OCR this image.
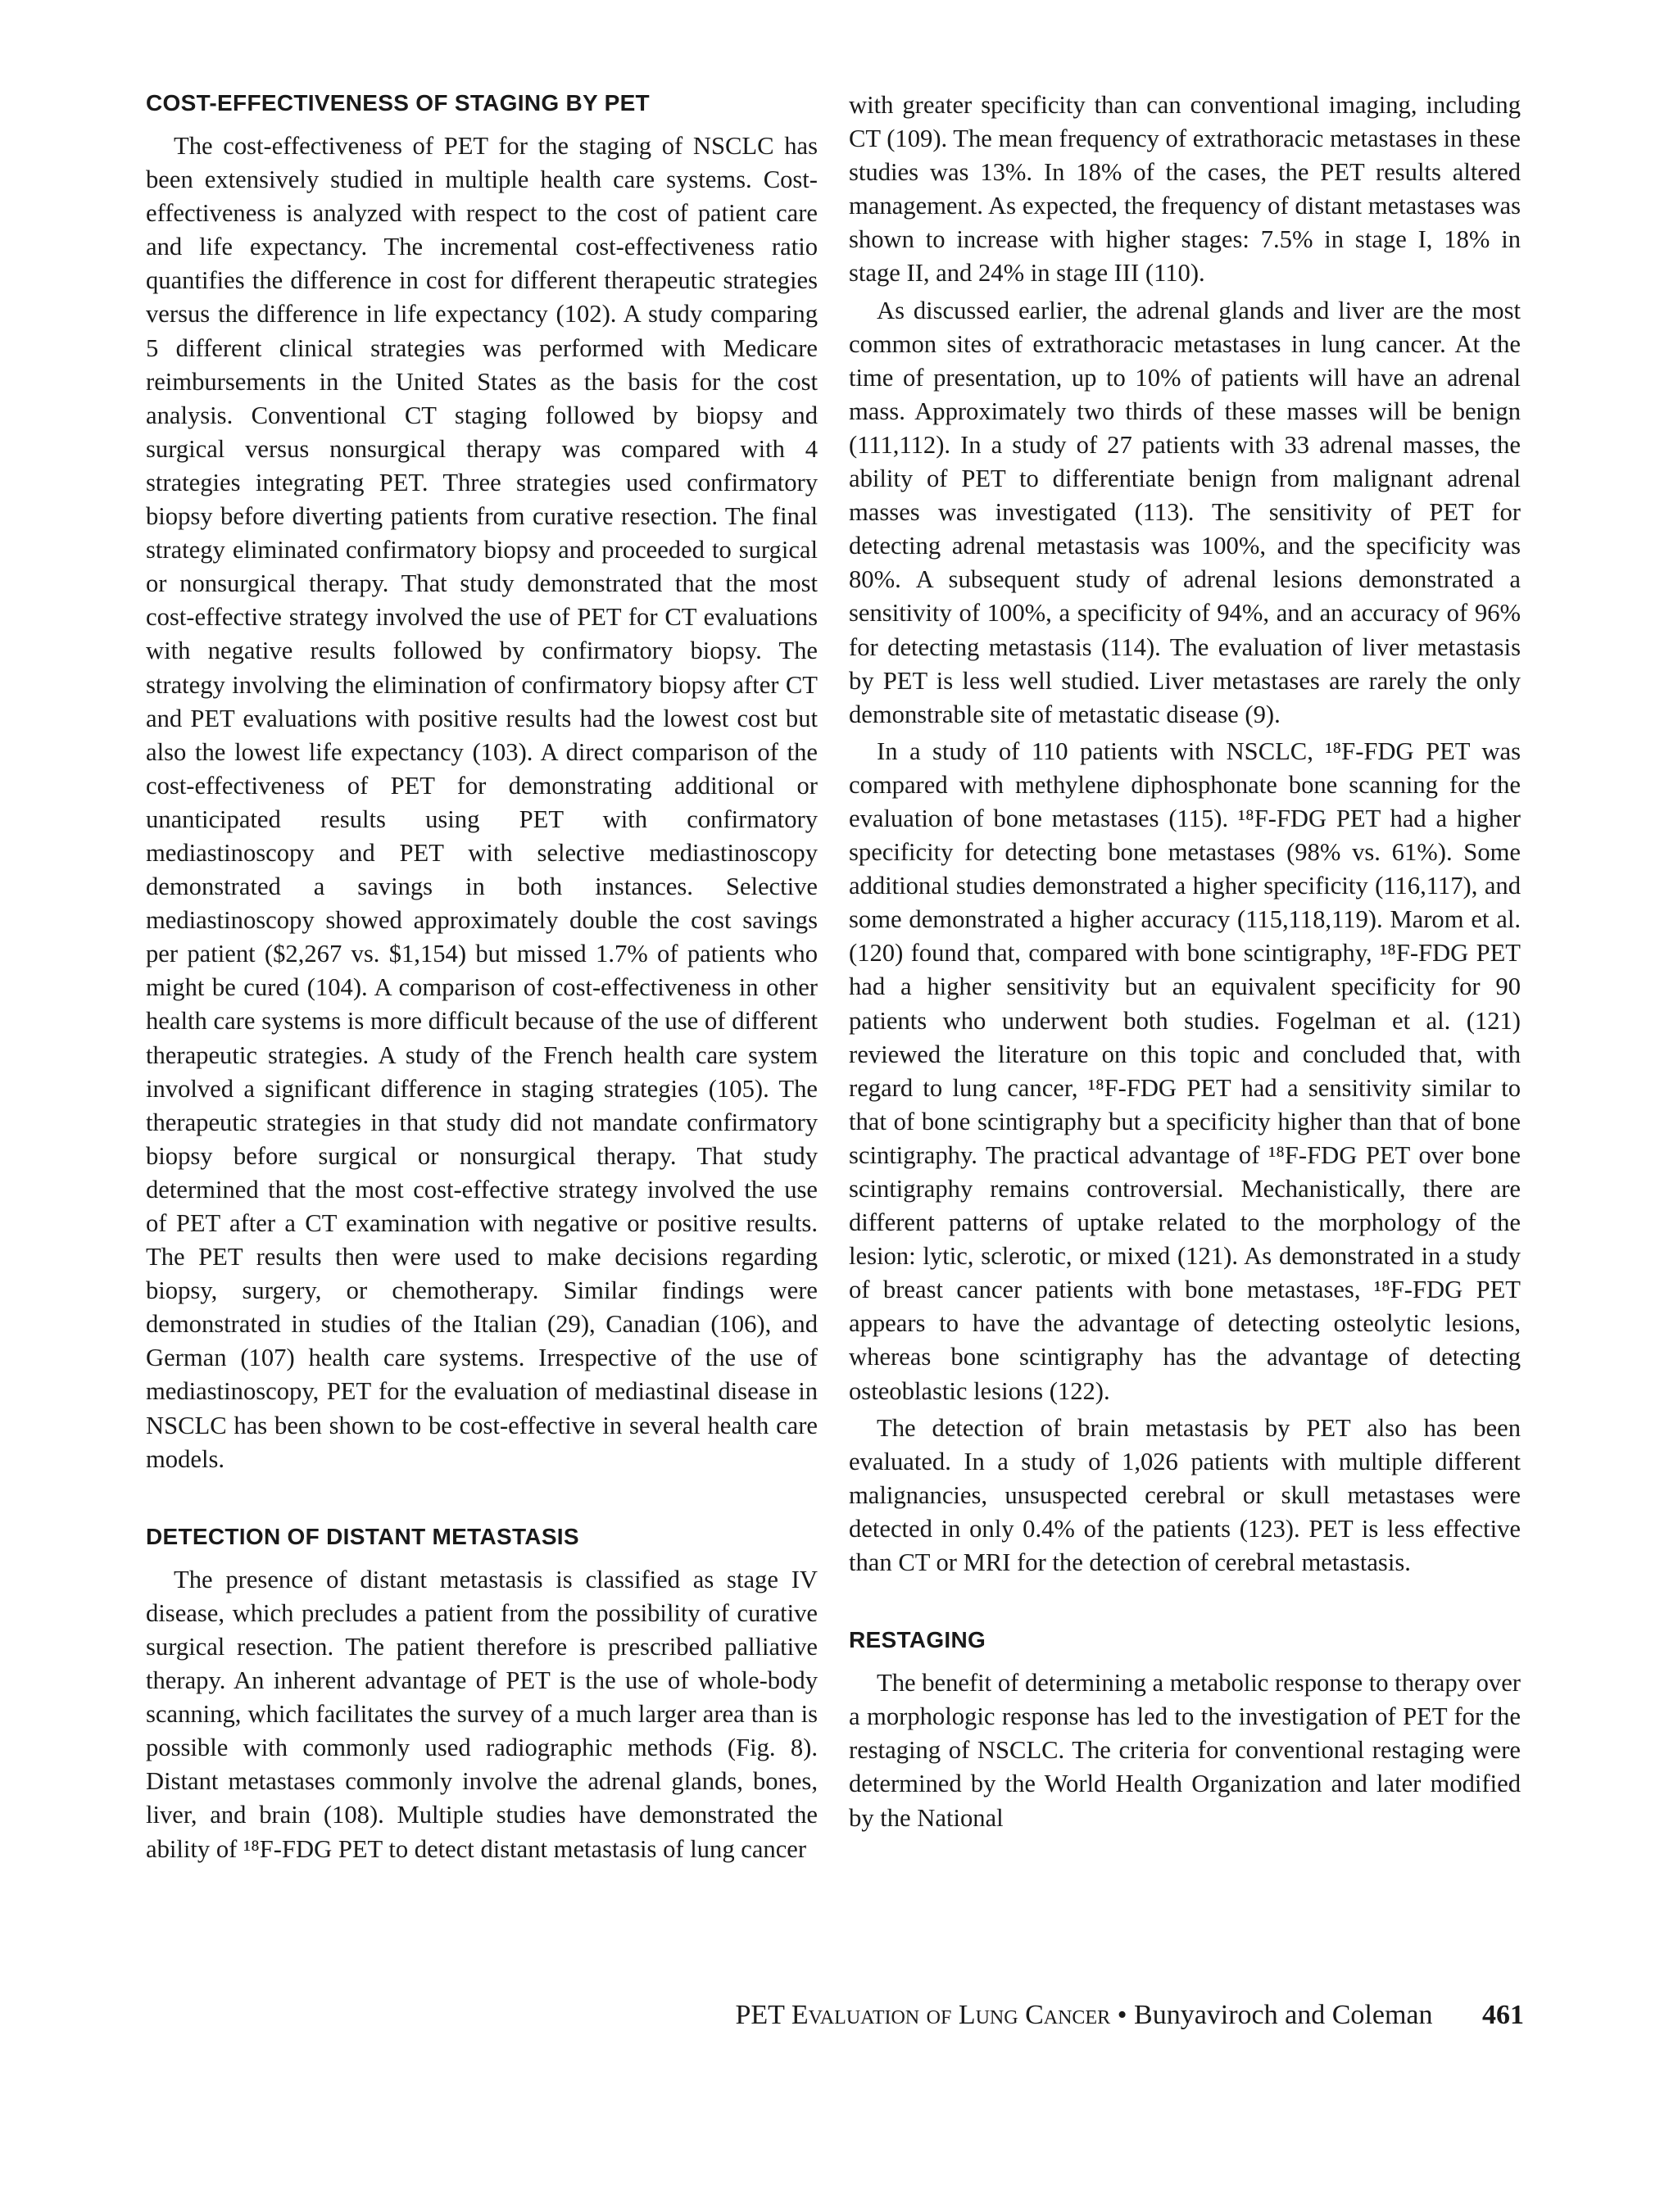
COST-EFFECTIVENESS OF STAGING BY PET

The cost-effectiveness of PET for the staging of NSCLC has been extensively studied in multiple health care systems. Cost-effectiveness is analyzed with respect to the cost of patient care and life expectancy. The incremental cost-effectiveness ratio quantifies the difference in cost for different therapeutic strategies versus the difference in life expectancy (102). A study comparing 5 different clinical strategies was performed with Medicare reimbursements in the United States as the basis for the cost analysis. Conventional CT staging followed by biopsy and surgical versus nonsurgical therapy was compared with 4 strategies integrating PET. Three strategies used confirmatory biopsy before diverting patients from curative resection. The final strategy eliminated confirmatory biopsy and proceeded to surgical or nonsurgical therapy. That study demonstrated that the most cost-effective strategy involved the use of PET for CT evaluations with negative results followed by confirmatory biopsy. The strategy involving the elimination of confirmatory biopsy after CT and PET evaluations with positive results had the lowest cost but also the lowest life expectancy (103). A direct comparison of the cost-effectiveness of PET for demonstrating additional or unanticipated results using PET with confirmatory mediastinoscopy and PET with selective mediastinoscopy demonstrated a savings in both instances. Selective mediastinoscopy showed approximately double the cost savings per patient ($2,267 vs. $1,154) but missed 1.7% of patients who might be cured (104). A comparison of cost-effectiveness in other health care systems is more difficult because of the use of different therapeutic strategies. A study of the French health care system involved a significant difference in staging strategies (105). The therapeutic strategies in that study did not mandate confirmatory biopsy before surgical or nonsurgical therapy. That study determined that the most cost-effective strategy involved the use of PET after a CT examination with negative or positive results. The PET results then were used to make decisions regarding biopsy, surgery, or chemotherapy. Similar findings were demonstrated in studies of the Italian (29), Canadian (106), and German (107) health care systems. Irrespective of the use of mediastinoscopy, PET for the evaluation of mediastinal disease in NSCLC has been shown to be cost-effective in several health care models.

DETECTION OF DISTANT METASTASIS

The presence of distant metastasis is classified as stage IV disease, which precludes a patient from the possibility of curative surgical resection. The patient therefore is prescribed palliative therapy. An inherent advantage of PET is the use of whole-body scanning, which facilitates the survey of a much larger area than is possible with commonly used radiographic methods (Fig. 8). Distant metastases commonly involve the adrenal glands, bones, liver, and brain (108). Multiple studies have demonstrated the ability of ¹⁸F-FDG PET to detect distant metastasis of lung cancer

with greater specificity than can conventional imaging, including CT (109). The mean frequency of extrathoracic metastases in these studies was 13%. In 18% of the cases, the PET results altered management. As expected, the frequency of distant metastases was shown to increase with higher stages: 7.5% in stage I, 18% in stage II, and 24% in stage III (110).

As discussed earlier, the adrenal glands and liver are the most common sites of extrathoracic metastases in lung cancer. At the time of presentation, up to 10% of patients will have an adrenal mass. Approximately two thirds of these masses will be benign (111,112). In a study of 27 patients with 33 adrenal masses, the ability of PET to differentiate benign from malignant adrenal masses was investigated (113). The sensitivity of PET for detecting adrenal metastasis was 100%, and the specificity was 80%. A subsequent study of adrenal lesions demonstrated a sensitivity of 100%, a specificity of 94%, and an accuracy of 96% for detecting metastasis (114). The evaluation of liver metastasis by PET is less well studied. Liver metastases are rarely the only demonstrable site of metastatic disease (9).

In a study of 110 patients with NSCLC, ¹⁸F-FDG PET was compared with methylene diphosphonate bone scanning for the evaluation of bone metastases (115). ¹⁸F-FDG PET had a higher specificity for detecting bone metastases (98% vs. 61%). Some additional studies demonstrated a higher specificity (116,117), and some demonstrated a higher accuracy (115,118,119). Marom et al. (120) found that, compared with bone scintigraphy, ¹⁸F-FDG PET had a higher sensitivity but an equivalent specificity for 90 patients who underwent both studies. Fogelman et al. (121) reviewed the literature on this topic and concluded that, with regard to lung cancer, ¹⁸F-FDG PET had a sensitivity similar to that of bone scintigraphy but a specificity higher than that of bone scintigraphy. The practical advantage of ¹⁸F-FDG PET over bone scintigraphy remains controversial. Mechanistically, there are different patterns of uptake related to the morphology of the lesion: lytic, sclerotic, or mixed (121). As demonstrated in a study of breast cancer patients with bone metastases, ¹⁸F-FDG PET appears to have the advantage of detecting osteolytic lesions, whereas bone scintigraphy has the advantage of detecting osteoblastic lesions (122).

The detection of brain metastasis by PET also has been evaluated. In a study of 1,026 patients with multiple different malignancies, unsuspected cerebral or skull metastases were detected in only 0.4% of the patients (123). PET is less effective than CT or MRI for the detection of cerebral metastasis.

RESTAGING

The benefit of determining a metabolic response to therapy over a morphologic response has led to the investigation of PET for the restaging of NSCLC. The criteria for conventional restaging were determined by the World Health Organization and later modified by the National

PET Evaluation of Lung Cancer • Bunyaviroch and Coleman 461
